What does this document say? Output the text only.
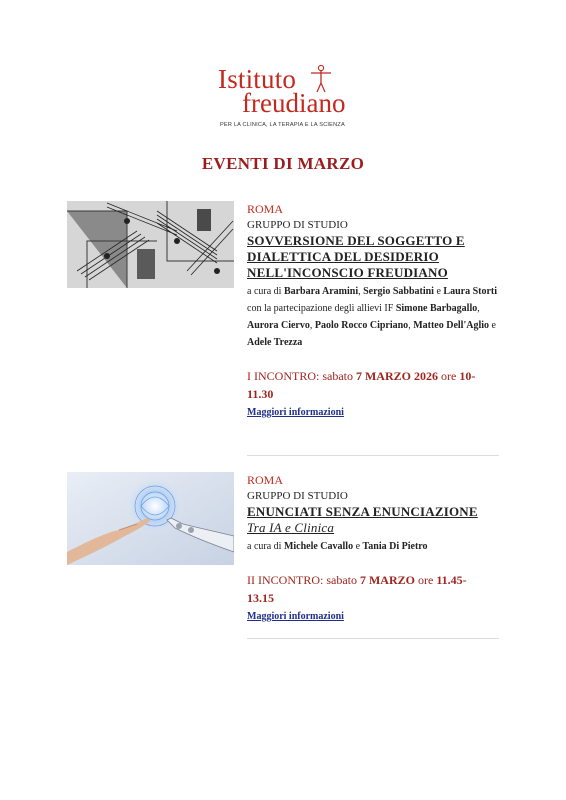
Istituto
freudiano
PER LA CLINICA, LA TERAPIA E LA SCIENZA
EVENTI DI MARZO
ROMA
GRUPPO DI STUDIO
SOVVERSIONE DEL SOGGETTO E
DIALETTICA DEL DESIDERIO
NELL'INCONSCIO FREUDIANO
a cura di Barbara Aramini, Sergio Sabbatini e Laura Storti
con la partecipazione degli allievi IF Simone Barbagallo, Aurora Ciervo, Paolo Rocco Cipriano, Matteo Dell'Aglio e Adele Trezza
I INCONTRO: sabato 7 MARZO 2026 ore 10-
11.30
Maggiori informazioni
ROMA
GRUPPO DI STUDIO
ENUNCIATI SENZA ENUNCIAZIONE
Tra IA e Clinica
a cura di Michele Cavallo e Tania Di Pietro
II INCONTRO: sabato 7 MARZO ore 11.45-
13.15
Maggiori informazioni
